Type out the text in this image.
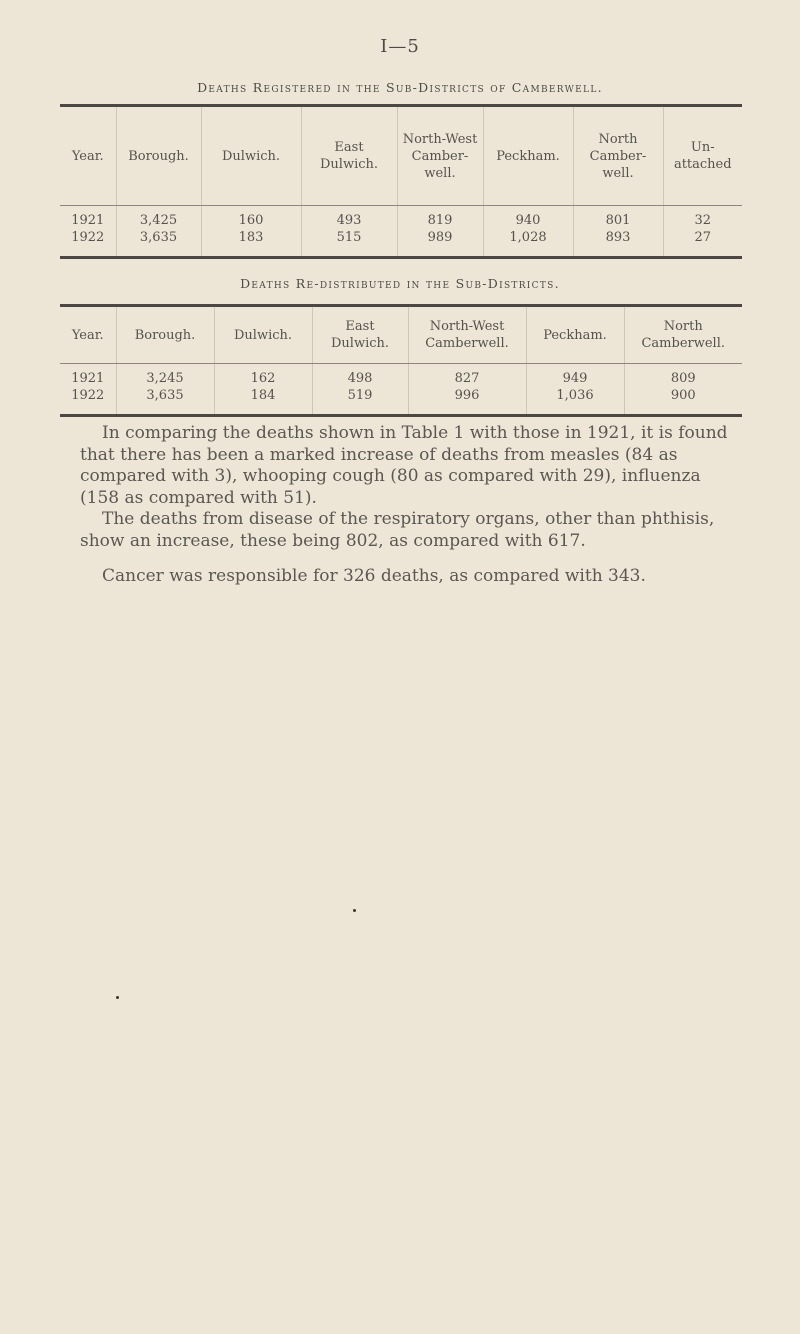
I—5
Deaths Registered in the Sub-Districts of Camberwell.
Year.	Borough.	Dulwich.	East Dulwich.	North-West Camber-well.	Peckham.	North Camber-well.	Un-attached
1921	3,425	160	493	819	940	801	32
1922	3,635	183	515	989	1,028	893	27
Deaths Re-distributed in the Sub-Districts.
Year.	Borough.	Dulwich.	East Dulwich.	North-West Camberwell.	Peckham.	North Camberwell.
1921	3,245	162	498	827	949	809
1922	3,635	184	519	996	1,036	900

In comparing the deaths shown in Table 1 with those in 1921, it is found that there has been a marked increase of deaths from measles (84 as compared with 3), whooping cough (80 as compared with 29), influenza (158 as compared with 51).

The deaths from disease of the respiratory organs, other than phthisis, show an increase, these being 802, as compared with 617.

Cancer was responsible for 326 deaths, as compared with 343.
